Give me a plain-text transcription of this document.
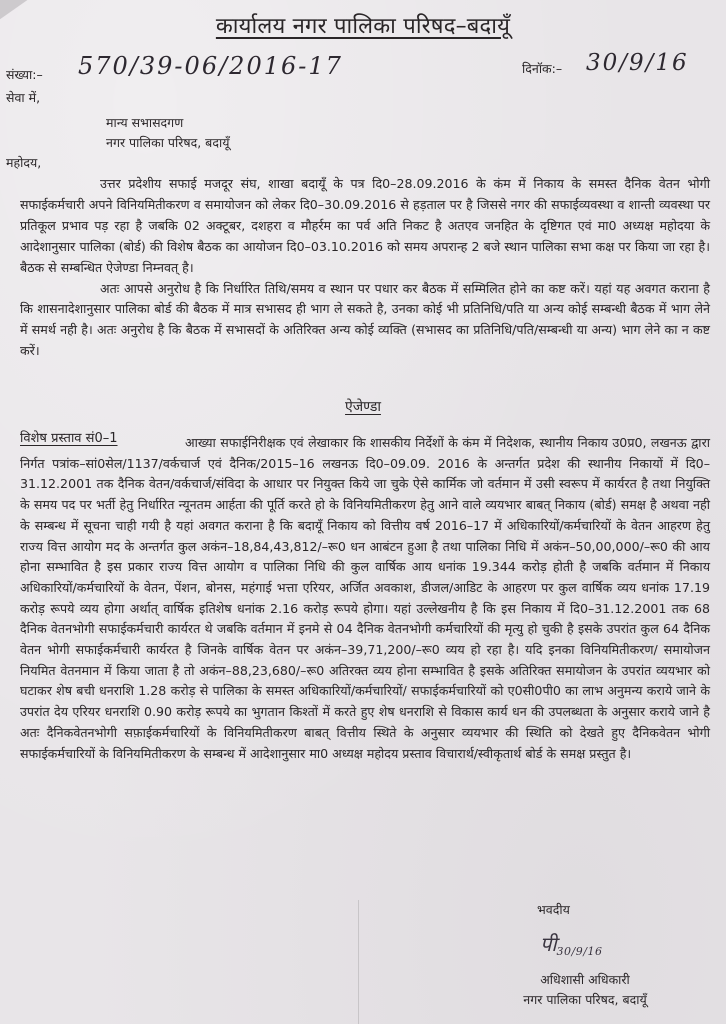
कार्यालय नगर पालिका परिषद–बदायूँ
संख्या:– 570/39-06/2016-17	दिनॉक:– 30/9/16
सेवा में,
मान्य सभासदगण
नगर पालिका परिषद, बदायूँ
महोदय,

उत्तर प्रदेशीय सफाई मजदूर संघ, शाखा बदायूँ के पत्र दि0–28.09.2016 के कंम में निकाय के समस्त दैनिक वेतन भोगी सफाईकर्मचारी अपने विनियमितीकरण व समायोजन को लेकर दि0–30.09.2016 से हड़ताल पर है जिससे नगर की सफाईव्यवस्था व शान्ती व्यवस्था पर प्रतिकूल प्रभाव पड़ रहा है जबकि 02 अक्टूबर, दशहरा व मौहर्रम का पर्व अति निकट है अतएव जनहित के दृष्टिगत एवं मा0 अध्यक्ष महोदया के आदेशानुसार पालिका (बोर्ड) की विशेष बैठक का आयोजन दि0–03.10.2016 को समय अपरान्ह 2 बजे स्थान पालिका सभा कक्ष पर किया जा रहा है। बैठक से सम्बन्धित ऐजेण्डा निम्नवत् है।

अतः आपसे अनुरोध है कि निर्धारित तिथि/समय व स्थान पर पधार कर बैठक में सम्मिलित होने का कष्ट करें। यहां यह अवगत कराना है कि शासनादेशानुसार पालिका बोर्ड की बैठक में मात्र सभासद ही भाग ले सकते है, उनका कोई भी प्रतिनिधि/पति या अन्य कोई सम्बन्धी बैठक में भाग लेने में समर्थ नही है। अतः अनुरोध है कि बैठक में सभासदों के अतिरिक्त अन्य कोई व्यक्ति (सभासद का प्रतिनिधि/पति/सम्बन्धी या अन्य) भाग लेने का न कष्ट करें।

ऐजेण्डा
विशेष प्रस्ताव सं0–1	आख्या सफाईनिरीक्षक एवं लेखाकार कि शासकीय निर्देशों के कंम में निदेशक, स्थानीय निकाय उ0प्र0, लखनऊ द्वारा निर्गत पत्रांक–सां0सेल/1137/वर्कचार्ज एवं दैनिक/2015–16 लखनऊ दि0–09.09. 2016 के अन्तर्गत प्रदेश की स्थानीय निकायों में दि0–31.12.2001 तक दैनिक वेतन/वर्कचार्ज/संविदा के आधार पर नियुक्त किये जा चुके ऐसे कार्मिक जो वर्तमान में उसी स्वरूप में कार्यरत है तथा नियुक्ति के समय पद पर भर्ती हेतु निर्धारित न्यूनतम आर्हता की पूर्ति करते हो के विनियमितीकरण हेतु आने वाले व्ययभार बाबत् निकाय (बोर्ड) समक्ष है अथवा नही के सम्बन्ध में सूचना चाही गयी है यहां अवगत कराना है कि बदायूँ निकाय को वित्तीय वर्ष 2016–17 में अधिकारियों/कर्मचारियों के वेतन आहरण हेतु राज्य वित्त आयोग मद के अन्तर्गत कुल अकंन–18,84,43,812/–रू0 धन आबंटन हुआ है तथा पालिका निधि में अकंन–50,00,000/–रू0 की आय होना सम्भावित है इस प्रकार राज्य वित्त आयोग व पालिका निधि की कुल वार्षिक आय धनांक 19.344 करोड़ होती है जबकि वर्तमान में निकाय अधिकारियों/कर्मचारियों के वेतन, पेंशन, बोनस, महंगाई भत्ता एरियर, अर्जित अवकाश, डीजल/आडिट के आहरण पर कुल वार्षिक व्यय धनांक 17.19 करोड़ रूपये व्यय होगा अर्थात् वार्षिक इतिशेष धनांक 2.16 करोड़ रूपये होगा। यहां उल्लेखनीय है कि इस निकाय में दि0–31.12.2001 तक 68 दैनिक वेतनभोगी सफाईकर्मचारी कार्यरत थे जबकि वर्तमान में इनमे से 04 दैनिक वेतनभोगी कर्मचारियों की मृत्यु हो चुकी है इसके उपरांत कुल 64 दैनिक वेतन भोगी सफाईकर्मचारी कार्यरत है जिनके वार्षिक वेतन पर अकंन–39,71,200/–रू0 व्यय हो रहा है। यदि इनका विनियमितीकरण/ समायोजन नियमित वेतनमान में किया जाता है तो अकंन–88,23,680/–रू0 अतिरक्त व्यय होना सम्भावित है इसके अतिरिक्त समायोजन के उपरांत व्ययभार को घटाकर शेष बची धनराशि 1.28 करोड़ से पालिका के समस्त अधिकारियों/कर्मचारियों/ सफाईकर्मचारियों को ए0सी0पी0 का लाभ अनुमन्य कराये जाने के उपरांत देय एरियर धनराशि 0.90 करोड़ रूपये का भुगतान किश्तों में करते हुए शेष धनराशि से विकास कार्य धन की उपलब्धता के अनुसार कराये जाने है अतः दैनिकवेतनभोगी सफ़ाईकर्मचारियों के विनियमितीकरण बाबत् वित्तीय स्थिते के अनुसार व्ययभार की स्थिति को देखते हुए दैनिकवेतन भोगी सफाईकर्मचारियों के विनियमितीकरण के सम्बन्ध में आदेशानुसार मा0 अध्यक्ष महोदय प्रस्ताव विचारार्थ/स्वीकृतार्थ बोर्ड के समक्ष प्रस्तुत है।

भवदीय
$पी_{30/9/16}$
अधिशासी अधिकारी
नगर पालिका परिषद, बदायूँ
